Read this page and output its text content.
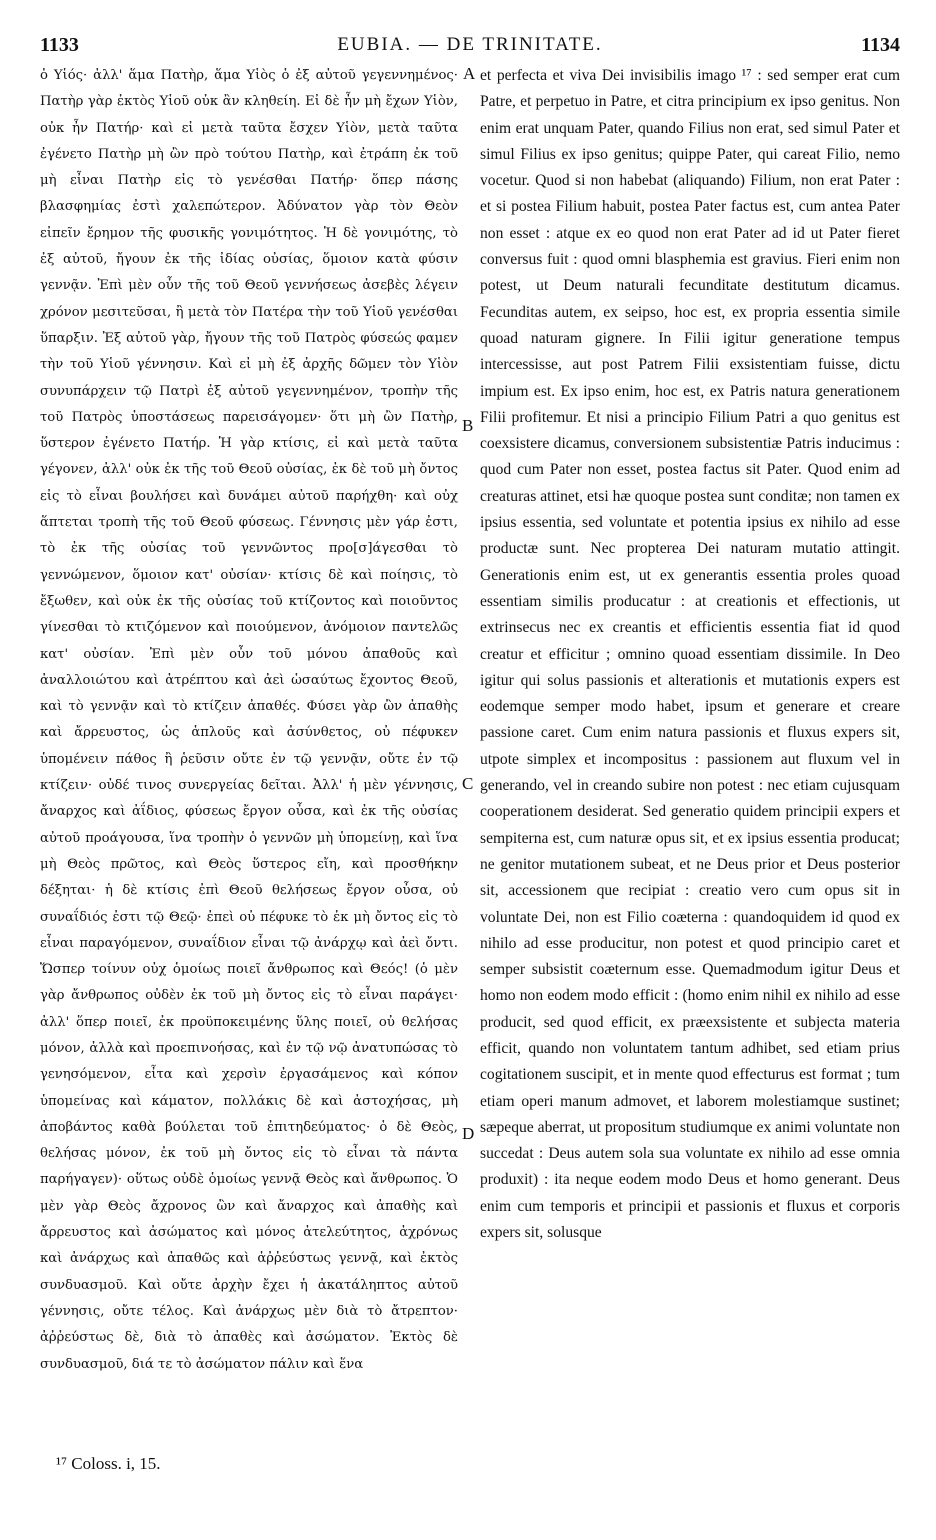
1133	EUBIA. — DE TRINITATE.	1134

ὁ Υἱός· ἀλλ' ἅμα Πατὴρ, ἅμα Υἱὸς ὁ ἐξ αὐτοῦ γεγεννημένος· Πατὴρ γὰρ ἐκτὸς Υἱοῦ οὐκ ἂν κληθείη. Εἰ δὲ ἦν μὴ ἔχων Υἱὸν, οὐκ ἦν Πατήρ· καὶ εἰ μετὰ ταῦτα ἔσχεν Υἱὸν, μετὰ ταῦτα ἐγένετο Πατὴρ μὴ ὢν πρὸ τούτου Πατὴρ, καὶ ἐτράπη ἐκ τοῦ μὴ εἶναι Πατὴρ εἰς τὸ γενέσθαι Πατήρ· ὅπερ πάσης βλασφημίας ἐστὶ χαλεπώτερον. Ἀδύνατον γὰρ τὸν Θεὸν εἰπεῖν ἔρημον τῆς φυσικῆς γονιμότητος. Ἡ δὲ γονιμότης, τὸ ἐξ αὐτοῦ, ἤγουν ἐκ τῆς ἰδίας οὐσίας, ὅμοιον κατὰ φύσιν γεννᾷν. Ἐπὶ μὲν οὖν τῆς τοῦ Θεοῦ γεννήσεως ἀσεβὲς λέγειν χρόνον μεσιτεῦσαι, ἢ μετὰ τὸν Πατέρα τὴν τοῦ Υἱοῦ γενέσθαι ὕπαρξιν. Ἐξ αὐτοῦ γὰρ, ἤγουν τῆς τοῦ Πατρὸς φύσεώς φαμεν τὴν τοῦ Υἱοῦ γέννησιν. Καὶ εἰ μὴ ἐξ ἀρχῆς δῶμεν τὸν Υἱὸν συνυπάρχειν τῷ Πατρὶ ἐξ αὐτοῦ γεγεννημένον, τροπὴν τῆς τοῦ Πατρὸς ὑποστάσεως παρεισάγομεν· ὅτι μὴ ὢν Πατὴρ, ὕστερον ἐγένετο Πατήρ. Ἡ γὰρ κτίσις, εἰ καὶ μετὰ ταῦτα γέγονεν, ἀλλ' οὐκ ἐκ τῆς τοῦ Θεοῦ οὐσίας, ἐκ δὲ τοῦ μὴ ὄντος εἰς τὸ εἶναι βουλήσει καὶ δυνάμει αὐτοῦ παρήχθη· καὶ οὐχ ἅπτεται τροπὴ τῆς τοῦ Θεοῦ φύσεως. Γέννησις μὲν γάρ ἐστι, τὸ ἐκ τῆς οὐσίας τοῦ γεννῶντος προ[σ]άγεσθαι τὸ γεννώμενον, ὅμοιον κατ' οὐσίαν· κτίσις δὲ καὶ ποίησις, τὸ ἔξωθεν, καὶ οὐκ ἐκ τῆς οὐσίας τοῦ κτίζοντος καὶ ποιοῦντος γίνεσθαι τὸ κτιζόμενον καὶ ποιούμενον, ἀνόμοιον παντελῶς κατ' οὐσίαν. Ἐπὶ μὲν οὖν τοῦ μόνου ἀπαθοῦς καὶ ἀναλλοιώτου καὶ ἀτρέπτου καὶ ἀεὶ ὡσαύτως ἔχοντος Θεοῦ, καὶ τὸ γεννᾷν καὶ τὸ κτίζειν ἀπαθές. Φύσει γὰρ ὢν ἀπαθὴς καὶ ἄρρευστος, ὡς ἁπλοῦς καὶ ἀσύνθετος, οὐ πέφυκεν ὑπομένειν πάθος ἢ ῥεῦσιν οὔτε ἐν τῷ γεννᾷν, οὔτε ἐν τῷ κτίζειν· οὐδέ τινος συνεργείας δεῖται. Ἀλλ' ἡ μὲν γέννησις, ἄναρχος καὶ ἀΐδιος, φύσεως ἔργον οὖσα, καὶ ἐκ τῆς οὐσίας αὐτοῦ προάγουσα, ἵνα τροπὴν ὁ γεννῶν μὴ ὑπομείνῃ, καὶ ἵνα μὴ Θεὸς πρῶτος, καὶ Θεὸς ὕστερος εἴη, καὶ προσθήκην δέξηται· ἡ δὲ κτίσις ἐπὶ Θεοῦ θελήσεως ἔργον οὖσα, οὐ συναΐδιός ἐστι τῷ Θεῷ· ἐπεὶ οὐ πέφυκε τὸ ἐκ μὴ ὄντος εἰς τὸ εἶναι παραγόμενον, συναΐδιον εἶναι τῷ ἀνάρχῳ καὶ ἀεὶ ὄντι. Ὥσπερ τοίνυν οὐχ ὁμοίως ποιεῖ ἄνθρωπος καὶ Θεός! (ὁ μὲν γὰρ ἄνθρωπος οὐδὲν ἐκ τοῦ μὴ ὄντος εἰς τὸ εἶναι παράγει· ἀλλ' ὅπερ ποιεῖ, ἐκ προϋποκειμένης ὕλης ποιεῖ, οὐ θελήσας μόνον, ἀλλὰ καὶ προεπινοήσας, καὶ ἐν τῷ νῷ ἀνατυπώσας τὸ γενησόμενον, εἶτα καὶ χερσὶν ἐργασάμενος καὶ κόπον ὑπομείνας καὶ κάματον, πολλάκις δὲ καὶ ἀστοχήσας, μὴ ἀποβάντος καθὰ βούλεται τοῦ ἐπιτηδεύματος· ὁ δὲ Θεὸς, θελήσας μόνον, ἐκ τοῦ μὴ ὄντος εἰς τὸ εἶναι τὰ πάντα παρήγαγεν)· οὕτως οὐδὲ ὁμοίως γεννᾷ Θεὸς καὶ ἄνθρωπος. Ὁ μὲν γὰρ Θεὸς ἄχρονος ὢν καὶ ἄναρχος καὶ ἀπαθὴς καὶ ἄρρευστος καὶ ἀσώματος καὶ μόνος ἀτελεύτητος, ἀχρόνως καὶ ἀνάρχως καὶ ἀπαθῶς καὶ ἀῤῥεύστως γεννᾷ, καὶ ἐκτὸς συνδυασμοῦ. Καὶ οὔτε ἀρχὴν ἔχει ἡ ἀκατάληπτος αὐτοῦ γέννησις, οὔτε τέλος. Καὶ ἀνάρχως μὲν διὰ τὸ ἄτρεπτον· ἀῤῥεύστως δὲ, διὰ τὸ ἀπαθὲς καὶ ἀσώματον. Ἐκτὸς δὲ συνδυασμοῦ, διά τε τὸ ἀσώματον πάλιν καὶ ἕνα

A
B
C
D

et perfecta et viva Dei invisibilis imago ¹⁷ : sed semper erat cum Patre, et perpetuo in Patre, et citra principium ex ipso genitus. Non enim erat unquam Pater, quando Filius non erat, sed simul Pater et simul Filius ex ipso genitus; quippe Pater, qui careat Filio, nemo vocetur. Quod si non habebat (aliquando) Filium, non erat Pater : et si postea Filium habuit, postea Pater factus est, cum antea Pater non esset : atque ex eo quod non erat Pater ad id ut Pater fieret conversus fuit : quod omni blasphemia est gravius. Fieri enim non potest, ut Deum naturali fecunditate destitutum dicamus. Fecunditas autem, ex seipso, hoc est, ex propria essentia simile quoad naturam gignere. In Filii igitur generatione tempus intercessisse, aut post Patrem Filii exsistentiam fuisse, dictu impium est. Ex ipso enim, hoc est, ex Patris natura generationem Filii profitemur. Et nisi a principio Filium Patri a quo genitus est coexsistere dicamus, conversionem subsistentiæ Patris inducimus : quod cum Pater non esset, postea factus sit Pater. Quod enim ad creaturas attinet, etsi hæ quoque postea sunt conditæ; non tamen ex ipsius essentia, sed voluntate et potentia ipsius ex nihilo ad esse productæ sunt. Nec propterea Dei naturam mutatio attingit. Generationis enim est, ut ex generantis essentia proles quoad essentiam similis producatur : at creationis et effectionis, ut extrinsecus nec ex creantis et efficientis essentia fiat id quod creatur et efficitur ; omnino quoad essentiam dissimile. In Deo igitur qui solus passionis et alterationis et mutationis expers est eodemque semper modo habet, ipsum et generare et creare passione caret. Cum enim natura passionis et fluxus expers sit, utpote simplex et incompositus : passionem aut fluxum vel in generando, vel in creando subire non potest : nec etiam cujusquam cooperationem desiderat. Sed generatio quidem principii expers et sempiterna est, cum naturæ opus sit, et ex ipsius essentia producat; ne genitor mutationem subeat, et ne Deus prior et Deus posterior sit, accessionem que recipiat : creatio vero cum opus sit in voluntate Dei, non est Filio coæterna : quandoquidem id quod ex nihilo ad esse producitur, non potest et quod principio caret et semper subsistit coæternum esse. Quemadmodum igitur Deus et homo non eodem modo efficit : (homo enim nihil ex nihilo ad esse producit, sed quod efficit, ex præexsistente et subjecta materia efficit, quando non voluntatem tantum adhibet, sed etiam prius cogitationem suscipit, et in mente quod effecturus est format ; tum etiam operi manum admovet, et laborem molestiamque sustinet; sæpeque aberrat, ut propositum studiumque ex animi voluntate non succedat : Deus autem sola sua voluntate ex nihilo ad esse omnia produxit) : ita neque eodem modo Deus et homo generant. Deus enim cum temporis et principii et passionis et fluxus et corporis expers sit, solusque

¹⁷ Coloss. i, 15.
